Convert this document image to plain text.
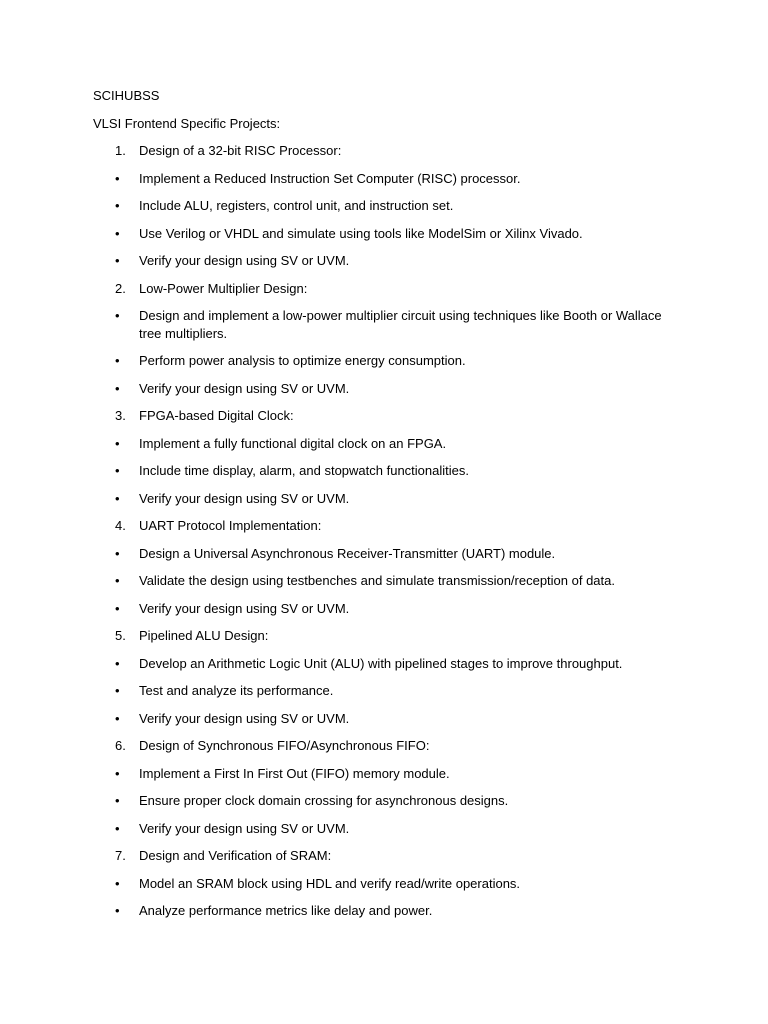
SCIHUBSS

VLSI Frontend Specific Projects:

1.	Design of a 32-bit RISC Processor:
•	Implement a Reduced Instruction Set Computer (RISC) processor.
•	Include ALU, registers, control unit, and instruction set.
•	Use Verilog or VHDL and simulate using tools like ModelSim or Xilinx Vivado.
•	Verify your design using SV or UVM.
2.	Low-Power Multiplier Design:
•	Design and implement a low-power multiplier circuit using techniques like Booth or Wallace tree multipliers.
•	Perform power analysis to optimize energy consumption.
•	Verify your design using SV or UVM.
3.	FPGA-based Digital Clock:
•	Implement a fully functional digital clock on an FPGA.
•	Include time display, alarm, and stopwatch functionalities.
•	Verify your design using SV or UVM.
4.	UART Protocol Implementation:
•	Design a Universal Asynchronous Receiver-Transmitter (UART) module.
•	Validate the design using testbenches and simulate transmission/reception of data.
•	Verify your design using SV or UVM.
5.	Pipelined ALU Design:
•	Develop an Arithmetic Logic Unit (ALU) with pipelined stages to improve throughput.
•	Test and analyze its performance.
•	Verify your design using SV or UVM.
6.	Design of Synchronous FIFO/Asynchronous FIFO:
•	Implement a First In First Out (FIFO) memory module.
•	Ensure proper clock domain crossing for asynchronous designs.
•	Verify your design using SV or UVM.
7.	Design and Verification of SRAM:
•	Model an SRAM block using HDL and verify read/write operations.
•	Analyze performance metrics like delay and power.
